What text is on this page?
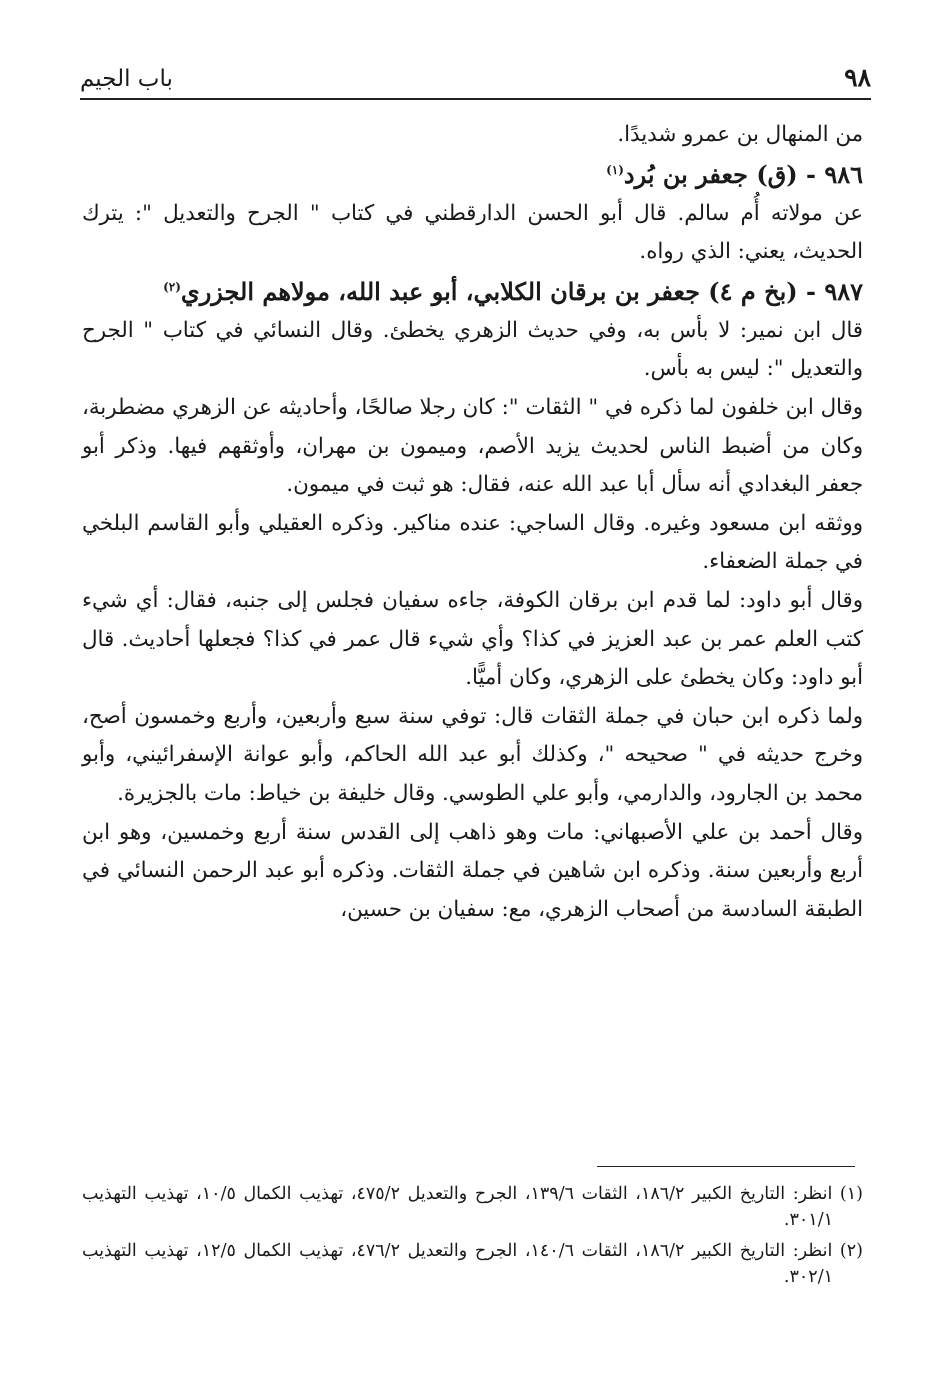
٩٨
باب الجيم

من المنهال بن عمرو شديدًا.

٩٨٦ - (ق) جعفر بن بُرد$^{(١)}$

عن مولاته أُم سالم. قال أبو الحسن الدارقطني في كتاب " الجرح والتعديل ": يترك الحديث، يعني: الذي رواه.

٩٨٧ - (بخ م ٤) جعفر بن برقان الكلابي، أبو عبد الله، مولاهم الجزري$^{(٢)}$

قال ابن نمير: لا بأس به، وفي حديث الزهري يخطئ. وقال النسائي في كتاب " الجرح والتعديل ": ليس به بأس.

وقال ابن خلفون لما ذكره في " الثقات ": كان رجلا صالحًا، وأحاديثه عن الزهري مضطربة، وكان من أضبط الناس لحديث يزيد الأصم، وميمون بن مهران، وأوثقهم فيها. وذكر أبو جعفر البغدادي أنه سأل أبا عبد الله عنه، فقال: هو ثبت في ميمون.

ووثقه ابن مسعود وغيره. وقال الساجي: عنده مناكير. وذكره العقيلي وأبو القاسم البلخي في جملة الضعفاء.

وقال أبو داود: لما قدم ابن برقان الكوفة، جاءه سفيان فجلس إلى جنبه، فقال: أي شيء كتب العلم عمر بن عبد العزيز في كذا؟ وأي شيء قال عمر في كذا؟ فجعلها أحاديث. قال أبو داود: وكان يخطئ على الزهري، وكان أميًّا.

ولما ذكره ابن حبان في جملة الثقات قال: توفي سنة سبع وأربعين، وأربع وخمسون أصح، وخرج حديثه في " صحيحه "، وكذلك أبو عبد الله الحاكم، وأبو عوانة الإسفرائيني، وأبو محمد بن الجارود، والدارمي، وأبو علي الطوسي. وقال خليفة بن خياط: مات بالجزيرة.

وقال أحمد بن علي الأصبهاني: مات وهو ذاهب إلى القدس سنة أربع وخمسين، وهو ابن أربع وأربعين سنة. وذكره ابن شاهين في جملة الثقات. وذكره أبو عبد الرحمن النسائي في الطبقة السادسة من أصحاب الزهري، مع: سفيان بن حسين،

(١) انظر: التاريخ الكبير ١٨٦/٢، الثقات ١٣٩/٦، الجرح والتعديل ٤٧٥/٢، تهذيب الكمال ١٠/٥، تهذيب التهذيب ٣٠١/١.

(٢) انظر: التاريخ الكبير ١٨٦/٢، الثقات ١٤٠/٦، الجرح والتعديل ٤٧٦/٢، تهذيب الكمال ١٢/٥، تهذيب التهذيب ٣٠٢/١.
